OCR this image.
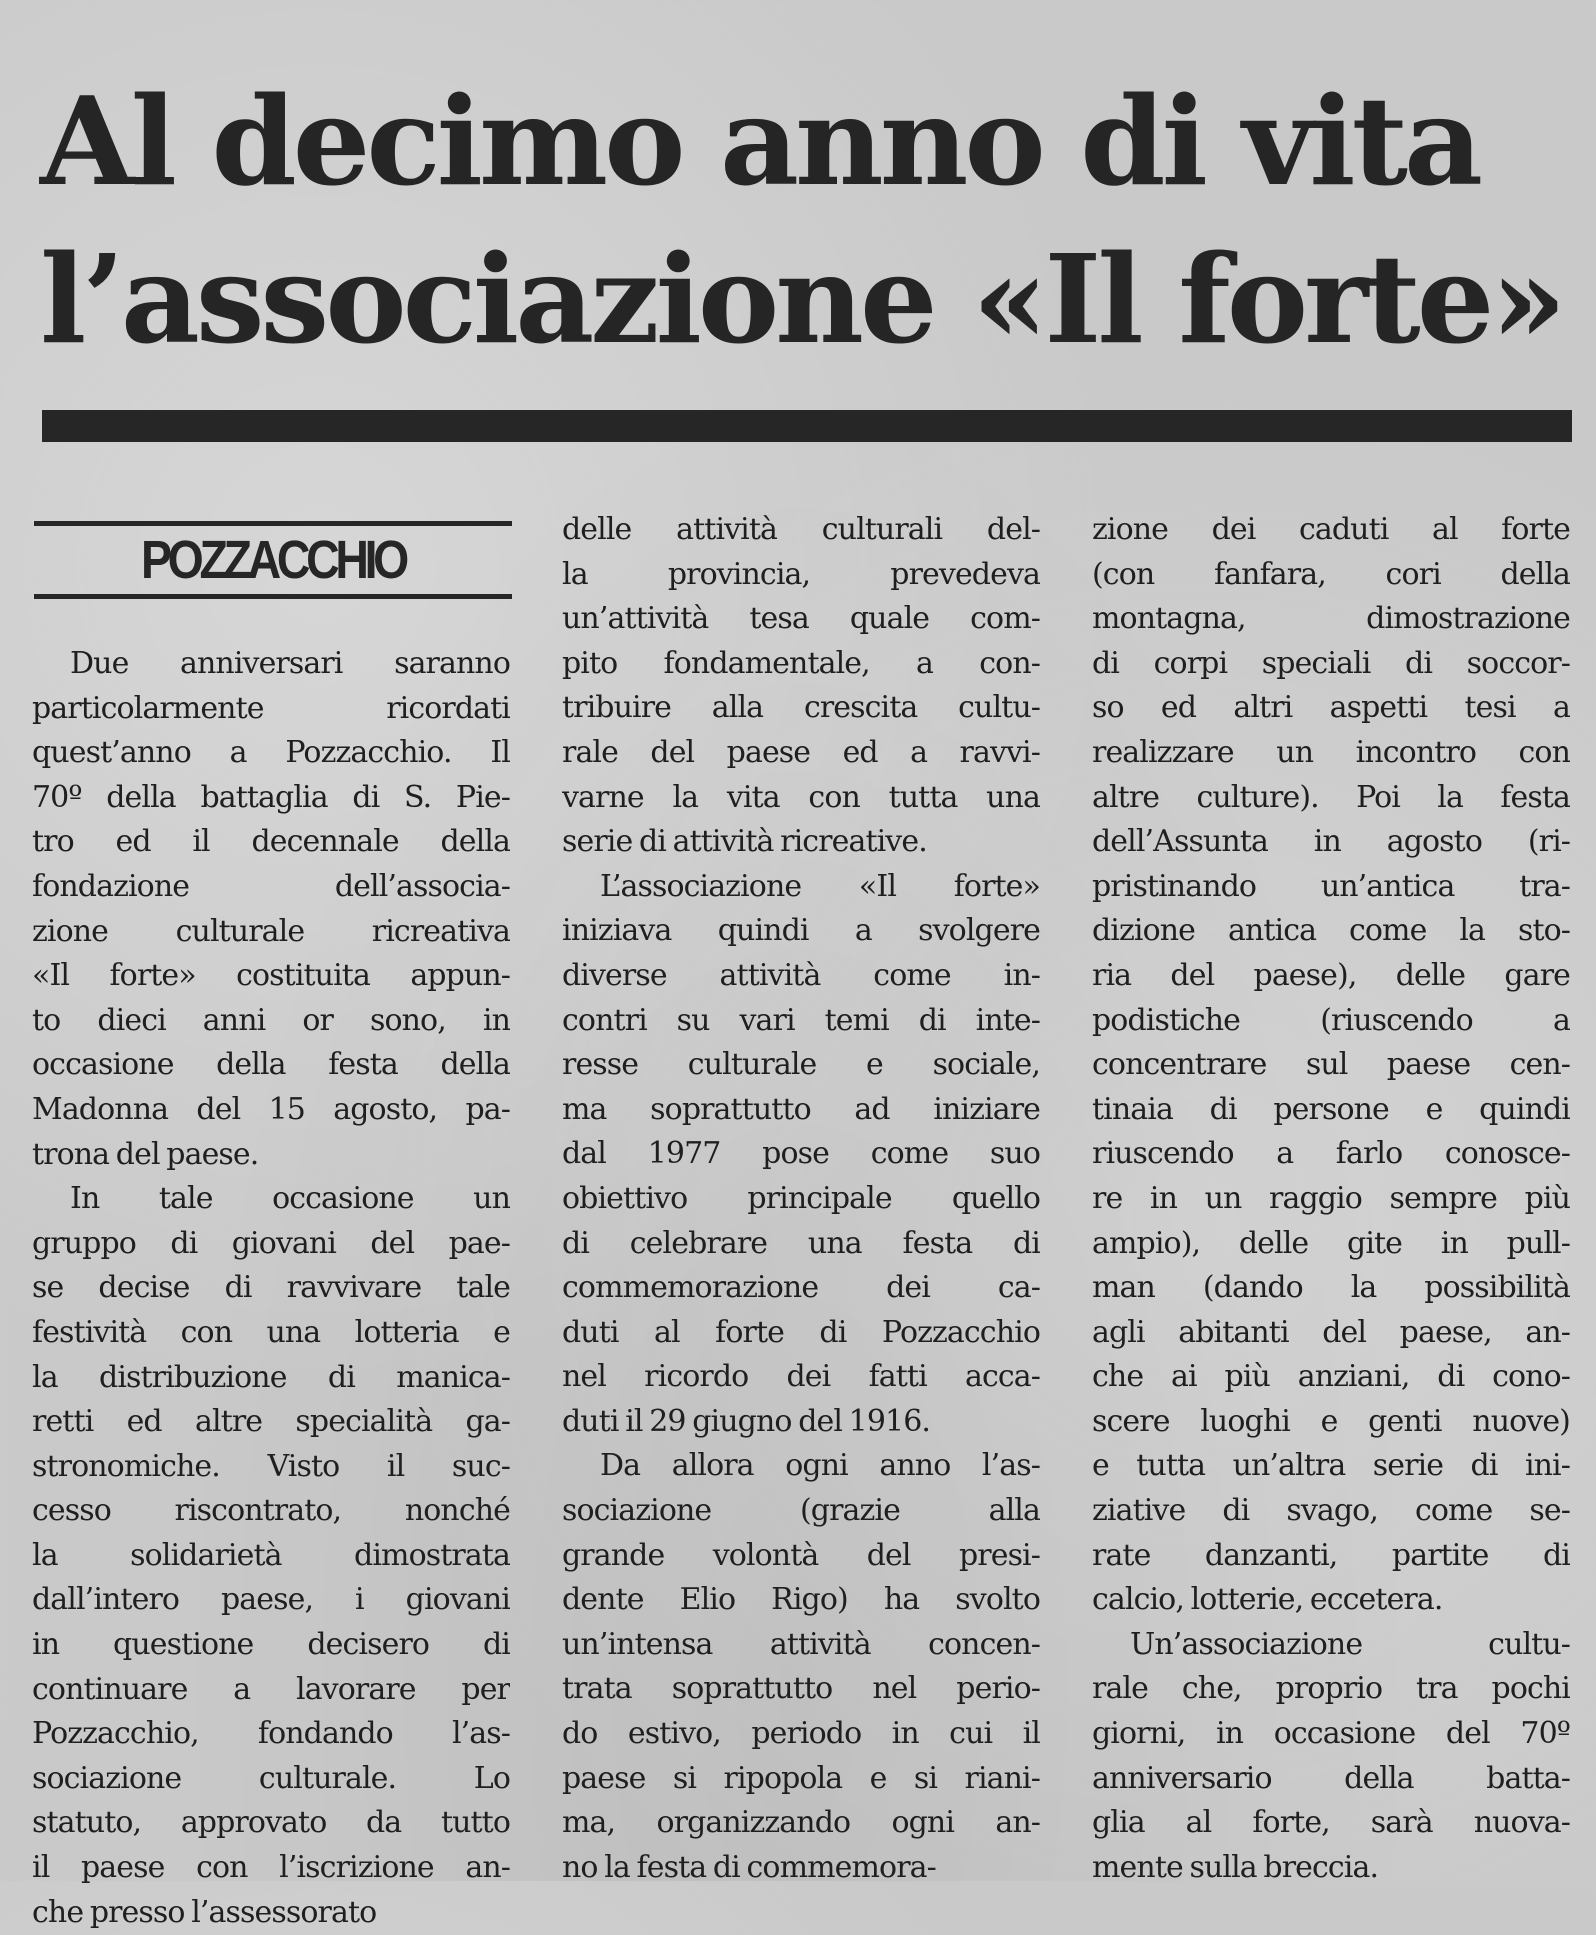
Al decimo anno di vita
l’associazione «Il forte»
POZZACCHIO
Due anniversari saranno
particolarmente ricordati
quest’anno a Pozzacchio. Il
70º della battaglia di S. Pie-
tro ed il decennale della
fondazione dell’associa-
zione culturale ricreativa
«Il forte» costituita appun-
to dieci anni or sono, in
occasione della festa della
Madonna del 15 agosto, pa-
trona del paese.
In tale occasione un
gruppo di giovani del pae-
se decise di ravvivare tale
festività con una lotteria e
la distribuzione di manica-
retti ed altre specialità ga-
stronomiche. Visto il suc-
cesso riscontrato, nonché
la solidarietà dimostrata
dall’intero paese, i giovani
in questione decisero di
continuare a lavorare per
Pozzacchio, fondando l’as-
sociazione culturale. Lo
statuto, approvato da tutto
il paese con l’iscrizione an-
che presso l’assessorato
delle attività culturali del-
la provincia, prevedeva
un’attività tesa quale com-
pito fondamentale, a con-
tribuire alla crescita cultu-
rale del paese ed a ravvi-
varne la vita con tutta una
serie di attività ricreative.
L’associazione «Il forte»
iniziava quindi a svolgere
diverse attività come in-
contri su vari temi di inte-
resse culturale e sociale,
ma soprattutto ad iniziare
dal 1977 pose come suo
obiettivo principale quello
di celebrare una festa di
commemorazione dei ca-
duti al forte di Pozzacchio
nel ricordo dei fatti acca-
duti il 29 giugno del 1916.
Da allora ogni anno l’as-
sociazione (grazie alla
grande volontà del presi-
dente Elio Rigo) ha svolto
un’intensa attività concen-
trata soprattutto nel perio-
do estivo, periodo in cui il
paese si ripopola e si riani-
ma, organizzando ogni an-
no la festa di commemora-
zione dei caduti al forte
(con fanfara, cori della
montagna, dimostrazione
di corpi speciali di soccor-
so ed altri aspetti tesi a
realizzare un incontro con
altre culture). Poi la festa
dell’Assunta in agosto (ri-
pristinando un’antica tra-
dizione antica come la sto-
ria del paese), delle gare
podistiche (riuscendo a
concentrare sul paese cen-
tinaia di persone e quindi
riuscendo a farlo conosce-
re in un raggio sempre più
ampio), delle gite in pull-
man (dando la possibilità
agli abitanti del paese, an-
che ai più anziani, di cono-
scere luoghi e genti nuove)
e tutta un’altra serie di ini-
ziative di svago, come se-
rate danzanti, partite di
calcio, lotterie, eccetera.
Un’associazione cultu-
rale che, proprio tra pochi
giorni, in occasione del 70º
anniversario della batta-
glia al forte, sarà nuova-
mente sulla breccia.
